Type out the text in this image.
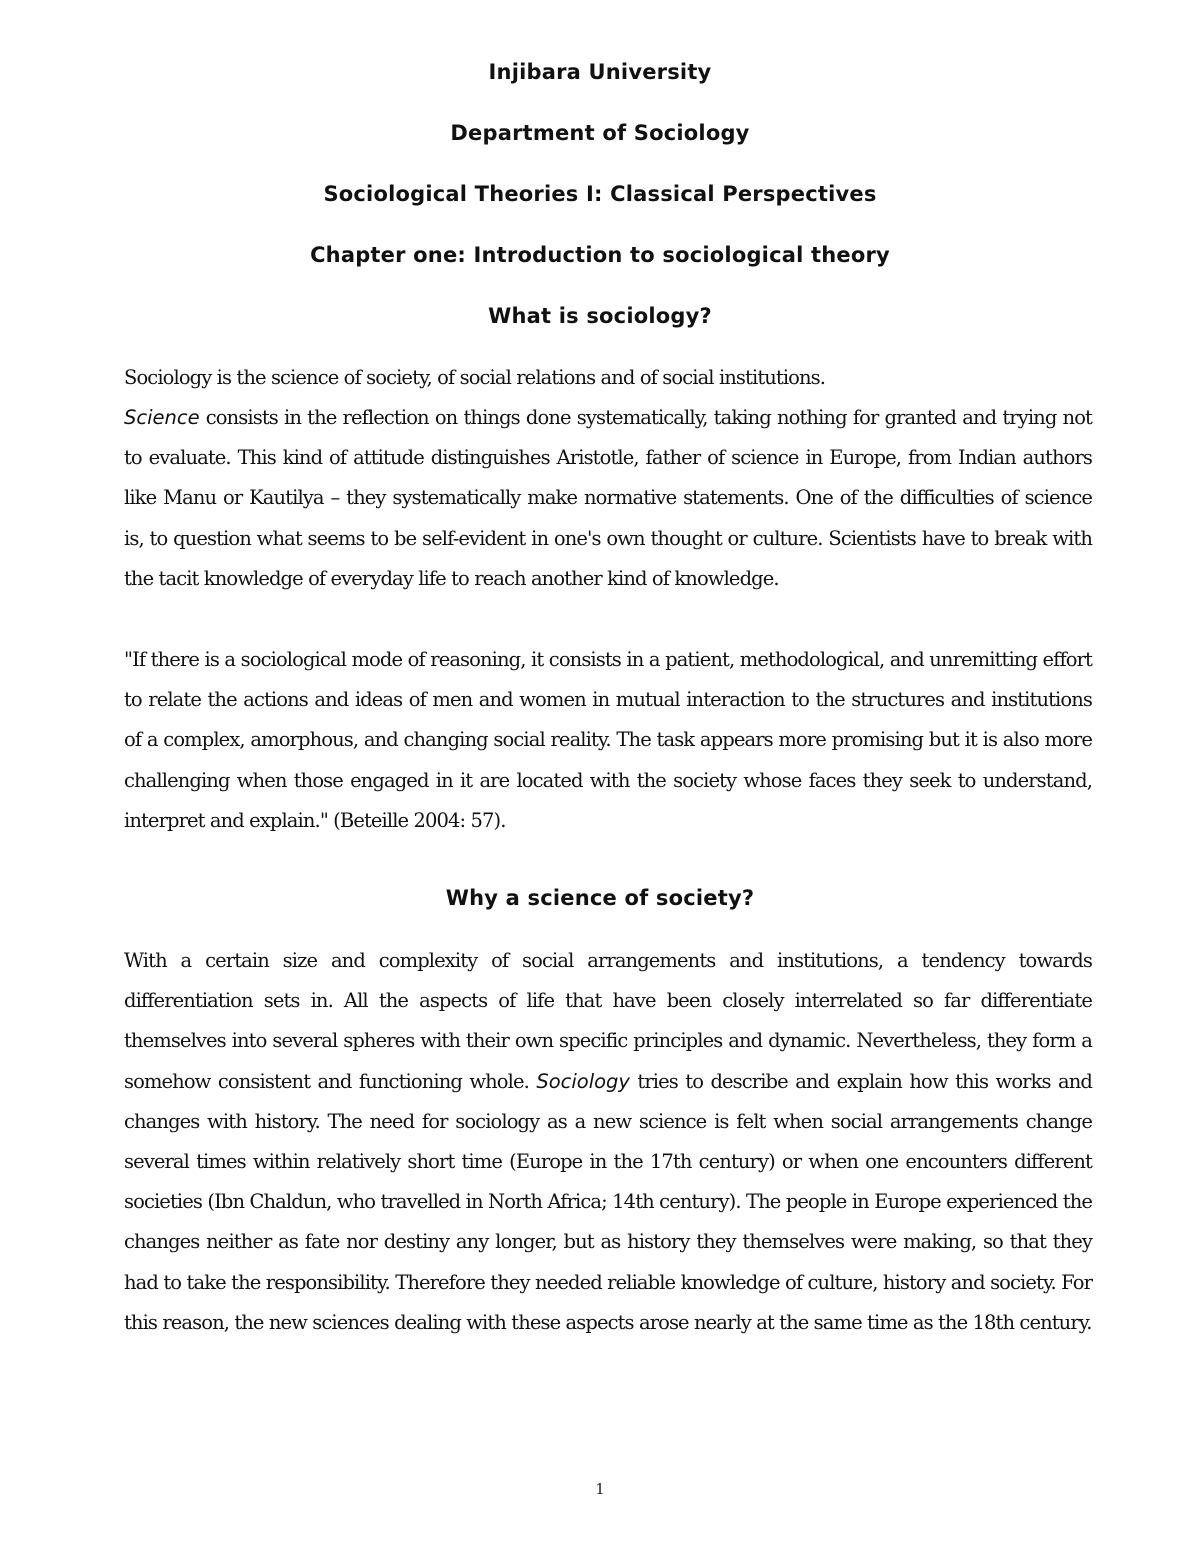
Injibara University
Department of Sociology
Sociological Theories I: Classical Perspectives
Chapter one: Introduction to sociological theory
What is sociology?

Sociology is the science of society, of social relations and of social institutions.

Science consists in the reflection on things done systematically, taking nothing for granted and trying not to evaluate. This kind of attitude distinguishes Aristotle, father of science in Europe, from Indian authors like Manu or Kautilya – they systematically make normative statements. One of the difficulties of science is, to question what seems to be self-evident in one's own thought or culture. Scientists have to break with the tacit knowledge of everyday life to reach another kind of knowledge.

"If there is a sociological mode of reasoning, it consists in a patient, methodological, and unremitting effort to relate the actions and ideas of men and women in mutual interaction to the structures and institutions of a complex, amorphous, and changing social reality. The task appears more promising but it is also more challenging when those engaged in it are located with the society whose faces they seek to understand, interpret and explain." (Beteille 2004: 57).

Why a science of society?

With a certain size and complexity of social arrangements and institutions, a tendency towards differentiation sets in. All the aspects of life that have been closely interrelated so far differentiate themselves into several spheres with their own specific principles and dynamic. Nevertheless, they form a somehow consistent and functioning whole. Sociology tries to describe and explain how this works and changes with history. The need for sociology as a new science is felt when social arrangements change several times within relatively short time (Europe in the 17th century) or when one encounters different societies (Ibn Chaldun, who travelled in North Africa; 14th century). The people in Europe experienced the changes neither as fate nor destiny any longer, but as history they themselves were making, so that they had to take the responsibility. Therefore they needed reliable knowledge of culture, history and society. For this reason, the new sciences dealing with these aspects arose nearly at the same time as the 18th century.

1
